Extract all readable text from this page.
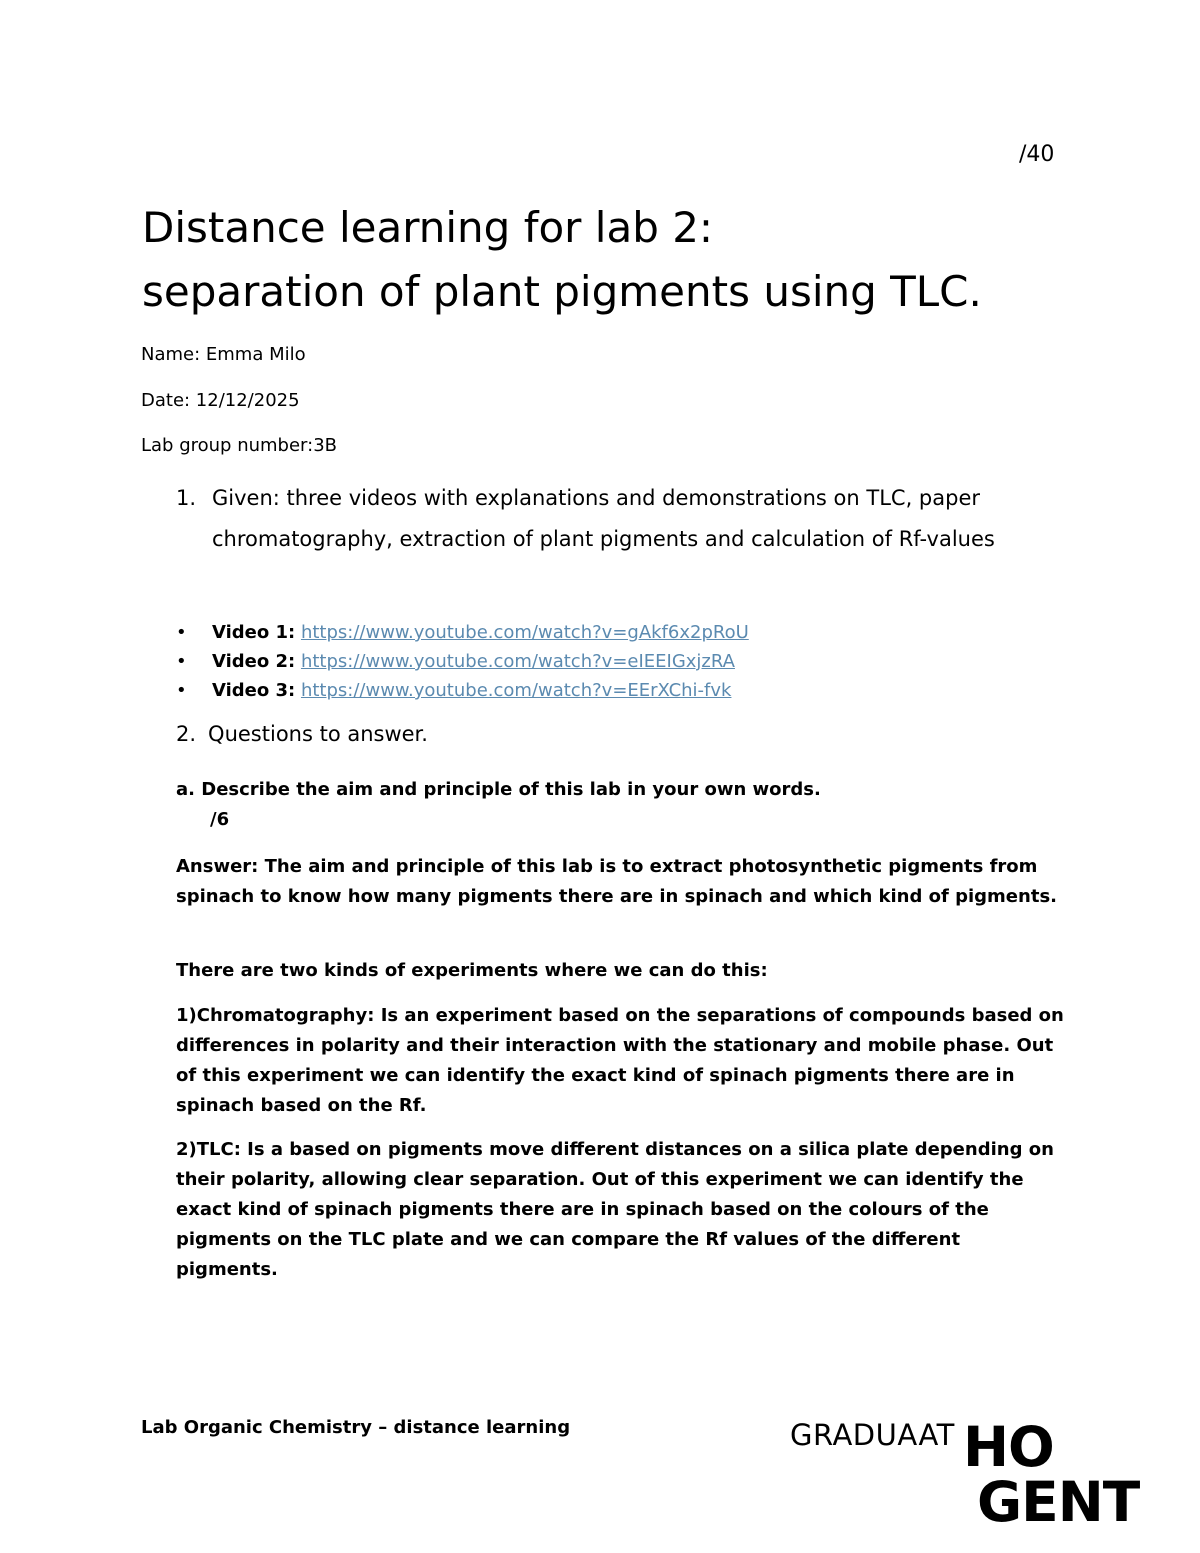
/40
Distance learning for lab 2:
separation of plant pigments using TLC.
Name: Emma Milo
Date: 12/12/2025
Lab group number:3B
1. Given: three videos with explanations and demonstrations on TLC, paper chromatography, extraction of plant pigments and calculation of Rf-values
• Video 1: https://www.youtube.com/watch?v=gAkf6x2pRoU
• Video 2: https://www.youtube.com/watch?v=eIEEIGxjzRA
• Video 3: https://www.youtube.com/watch?v=EErXChi-fvk
2. Questions to answer.
a. Describe the aim and principle of this lab in your own words.
/6

Answer: The aim and principle of this lab is to extract photosynthetic pigments from spinach to know how many pigments there are in spinach and which kind of pigments.

There are two kinds of experiments where we can do this:

1)Chromatography: Is an experiment based on the separations of compounds based on differences in polarity and their interaction with the stationary and mobile phase. Out of this experiment we can identify the exact kind of spinach pigments there are in spinach based on the Rf.

2)TLC: Is a based on pigments move different distances on a silica plate depending on their polarity, allowing clear separation. Out of this experiment we can identify the exact kind of spinach pigments there are in spinach based on the colours of the pigments on the TLC plate and we can compare the Rf values of the different pigments.

Lab Organic Chemistry – distance learning	GRADUAAT HO
GENT
